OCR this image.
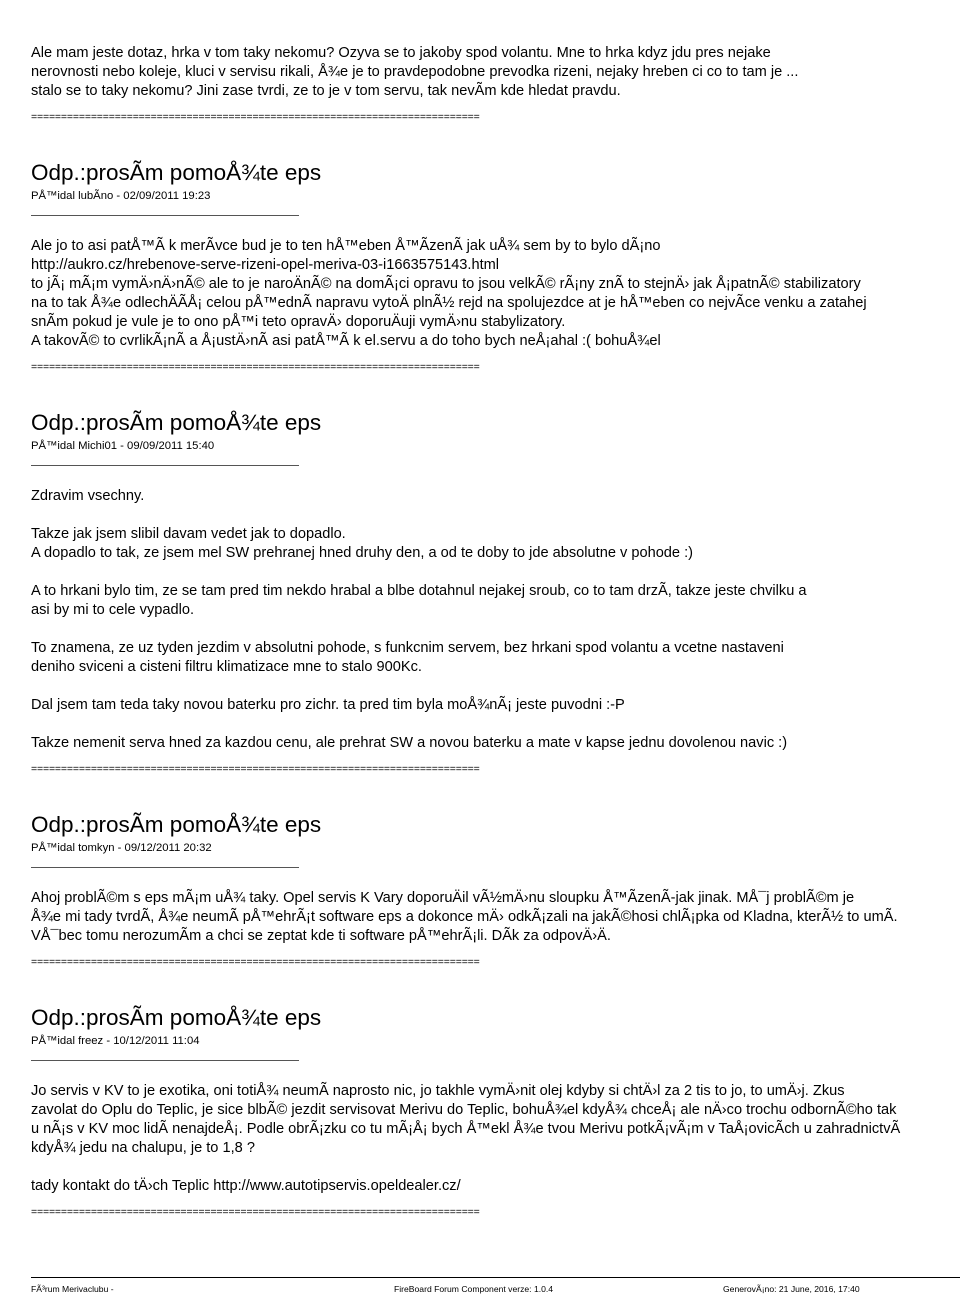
Ale mam jeste dotaz, hrka v tom taky nekomu? Ozyva se to jakoby spod volantu. Mne to hrka kdyz jdu pres nejake
nerovnosti nebo koleje, kluci v servisu rikali, Å¾e je to pravdepodobne prevodka rizeni, nejaky hreben ci co to tam je ...
stalo se to taky nekomu? Jini zase tvrdi, ze to je v tom servu, tak nevÃm kde hledat pravdu.
===========================================================================
Odp.:prosÃm pomoÅ¾te eps
PÅ™idal lubÃno - 02/09/2011 19:23
Ale jo to asi patÅ™Ã k merÃvce bud je to ten hÅ™eben Å™ÃzenÃ jak uÅ¾ sem by to bylo dÃ¡no
http://aukro.cz/hrebenove-serve-rizeni-opel-meriva-03-i1663575143.html
to jÃ¡ mÃ¡m vymÄ›nÄ›nÃ© ale to je naroÄnÃ© na domÃ¡ci opravu to jsou velkÃ© rÃ¡ny znÃ to stejnÄ› jak Å¡patnÃ© stabilizatory
na to tak Å¾e odlechÄÃÅ¡ celou pÅ™ednÃ napravu vytoÄ plnÃ½ rejd na spolujezdce at je hÅ™eben co nejvÃce venku a zatahej
snÃm pokud je vule je to ono pÅ™i teto opravÄ› doporuÄuji vymÄ›nu stabylizatory.
A takovÃ© to cvrlikÃ¡nÃ a Å¡ustÄ›nÃ asi patÅ™Ã k el.servu a do toho bych neÅ¡ahal :( bohuÅ¾el
===========================================================================
Odp.:prosÃm pomoÅ¾te eps
PÅ™idal Michi01 - 09/09/2011 15:40
Zdravim vsechny.
Takze jak jsem slibil davam vedet jak to dopadlo.
A dopadlo to tak, ze jsem mel SW prehranej hned druhy den, a od te doby to jde absolutne v pohode :)
A to hrkani bylo tim, ze se tam pred tim nekdo hrabal a blbe dotahnul nejakej sroub, co to tam drzÃ, takze jeste chvilku a
asi by mi to cele vypadlo.
To znamena, ze uz tyden jezdim v absolutni pohode, s funkcnim servem, bez hrkani spod volantu a vcetne nastaveni
deniho sviceni a cisteni filtru klimatizace mne to stalo 900Kc.
Dal jsem tam teda taky novou baterku pro zichr. ta pred tim byla moÅ¾nÃ¡ jeste puvodni :-P
Takze nemenit serva hned za kazdou cenu, ale prehrat SW a novou baterku a mate v kapse jednu dovolenou navic :)
===========================================================================
Odp.:prosÃm pomoÅ¾te eps
PÅ™idal tomkyn - 09/12/2011 20:32
Ahoj problÃ©m s eps mÃ¡m uÅ¾ taky. Opel servis K Vary doporuÄil vÃ½mÄ›nu sloupku Å™ÃzenÃ-jak jinak. MÅ¯j problÃ©m je
Å¾e mi tady tvrdÃ, Å¾e neumÃ pÅ™ehrÃ¡t software eps a dokonce mÄ› odkÃ¡zali na jakÃ©hosi chlÃ¡pka od Kladna, kterÃ½ to umÃ.
VÅ¯bec tomu nerozumÃm a chci se zeptat kde ti software pÅ™ehrÃ¡li. DÃk za odpovÄ›Ä.
===========================================================================
Odp.:prosÃm pomoÅ¾te eps
PÅ™idal freez - 10/12/2011 11:04
Jo servis v KV to je exotika, oni totiÅ¾ neumÃ naprosto nic, jo takhle vymÄ›nit olej kdyby si chtÄ›l za 2 tis to jo, to umÄ›j. Zkus
zavolat do Oplu do Teplic, je sice blbÃ© jezdit servisovat Merivu do Teplic, bohuÅ¾el kdyÅ¾ chceÅ¡ ale nÄ›co trochu odbornÃ©ho tak
u nÃ¡s v KV moc lidÃ nenajdeÅ¡. Podle obrÃ¡zku co tu mÃ¡Å¡ bych Å™ekl Å¾e tvou Merivu potkÃ¡vÃ¡m v TaÅ¡ovicÃch u zahradnictvÃ
kdyÅ¾ jedu na chalupu, je to 1,8 ?
tady kontakt do tÄ›ch Teplic http://www.autotipservis.opeldealer.cz/
===========================================================================
FÃ³rum Merivaclubu -	FireBoard Forum Component verze: 1.0.4	GenerovÃ¡no: 21 June, 2016, 17:40
